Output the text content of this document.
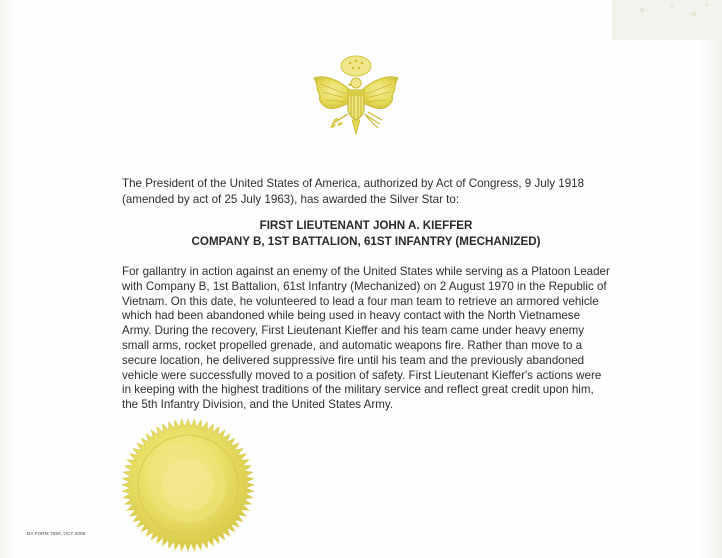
The President of the United States of America, authorized by Act of Congress, 9 July 1918 (amended by act of 25 July 1963), has awarded the Silver Star to:

FIRST LIEUTENANT JOHN A. KIEFFER
COMPANY B, 1ST BATTALION, 61ST INFANTRY (MECHANIZED)

For gallantry in action against an enemy of the United States while serving as a Platoon Leader with Company B, 1st Battalion, 61st Infantry (Mechanized) on 2 August 1970 in the Republic of Vietnam. On this date, he volunteered to lead a four man team to retrieve an armored vehicle which had been abandoned while being used in heavy contact with the North Vietnamese Army. During the recovery, First Lieutenant Kieffer and his team came under heavy enemy small arms, rocket propelled grenade, and automatic weapons fire. Rather than move to a secure location, he delivered suppressive fire until his team and the previously abandoned vehicle were successfully moved to a position of safety. First Lieutenant Kieffer's actions were in keeping with the highest traditions of the military service and reflect great credit upon him, the 5th Infantry Division, and the United States Army.

DA FORM 7550, OCT 2005
